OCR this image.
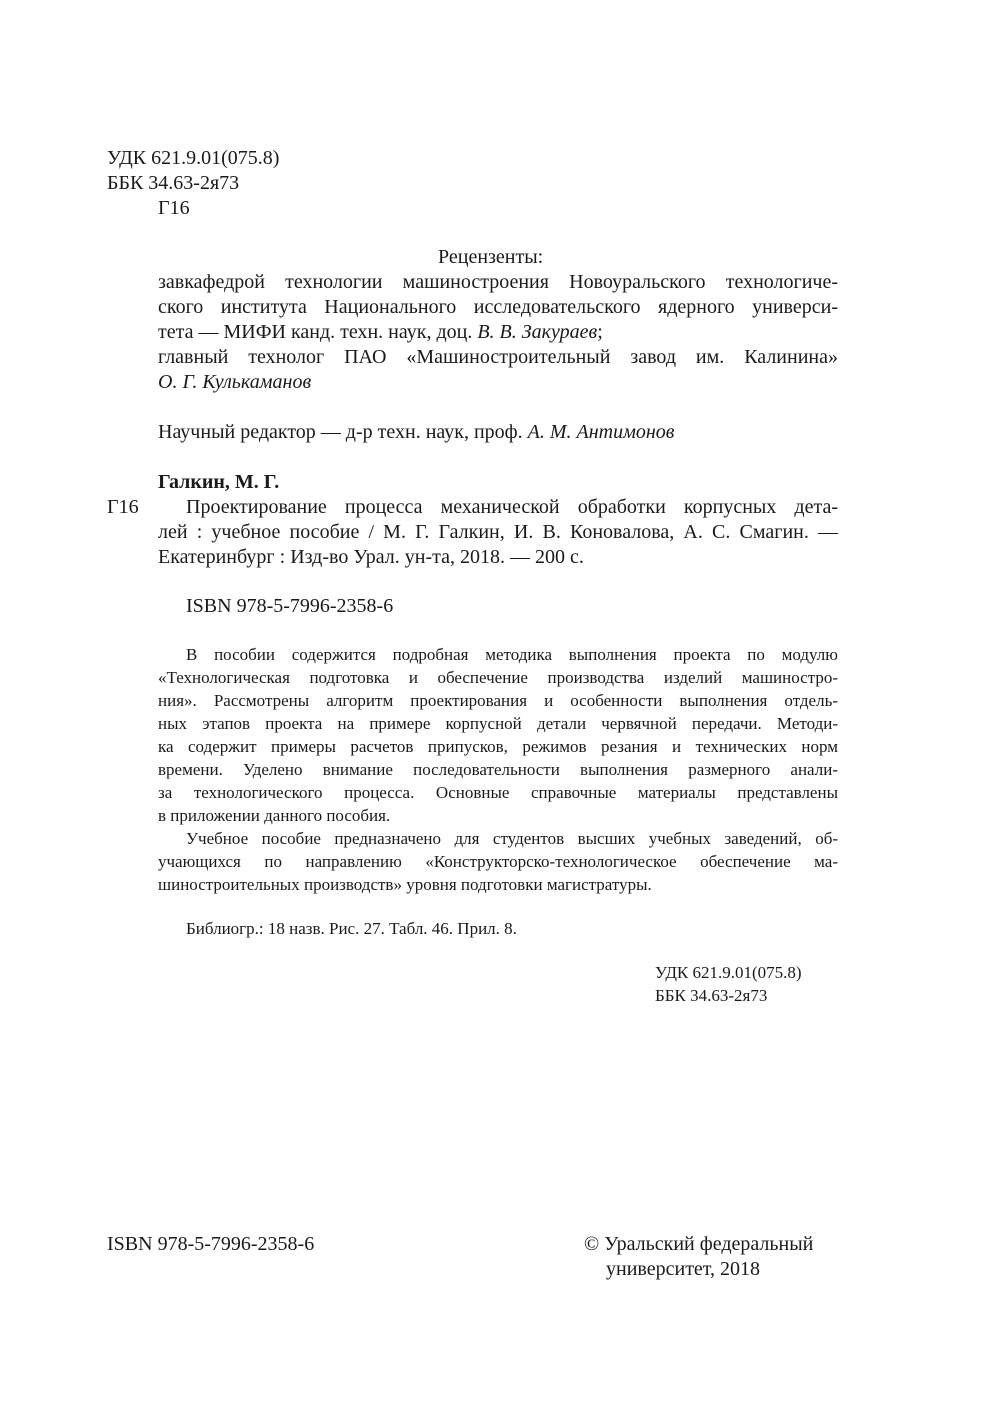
УДК 621.9.01(075.8)
ББК 34.63-2я73
Г16
Рецензенты:
завкафедрой технологии машиностроения Новоуральского технологиче-
ского института Национального исследовательского ядерного универси-
тета — МИФИ канд. техн. наук, доц. В. В. Закураев;
главный технолог ПАО «Машиностроительный завод им. Калинина»
О. Г. Кулькаманов
Научный редактор — д-р техн. наук, проф. А. М. Антимонов
Галкин, М. Г.
Г16 Проектирование процесса механической обработки корпусных дета-
лей : учебное пособие / М. Г. Галкин, И. В. Коновалова, А. С. Смагин. —
Екатеринбург : Изд-во Урал. ун-та, 2018. — 200 с.
ISBN 978-5-7996-2358-6
В пособии содержится подробная методика выполнения проекта по модулю
«Технологическая подготовка и обеспечение производства изделий машиностро-
ния». Рассмотрены алгоритм проектирования и особенности выполнения отдель-
ных этапов проекта на примере корпусной детали червячной передачи. Методи-
ка содержит примеры расчетов припусков, режимов резания и технических норм
времени. Уделено внимание последовательности выполнения размерного анали-
за технологического процесса. Основные справочные материалы представлены
в приложении данного пособия.
Учебное пособие предназначено для студентов высших учебных заведений, об-
учающихся по направлению «Конструкторско-технологическое обеспечение ма-
шиностроительных производств» уровня подготовки магистратуры.
Библиогр.: 18 назв. Рис. 27. Табл. 46. Прил. 8.
УДК 621.9.01(075.8)
ББК 34.63-2я73
ISBN 978-5-7996-2358-6	© Уральский федеральный
университет, 2018
